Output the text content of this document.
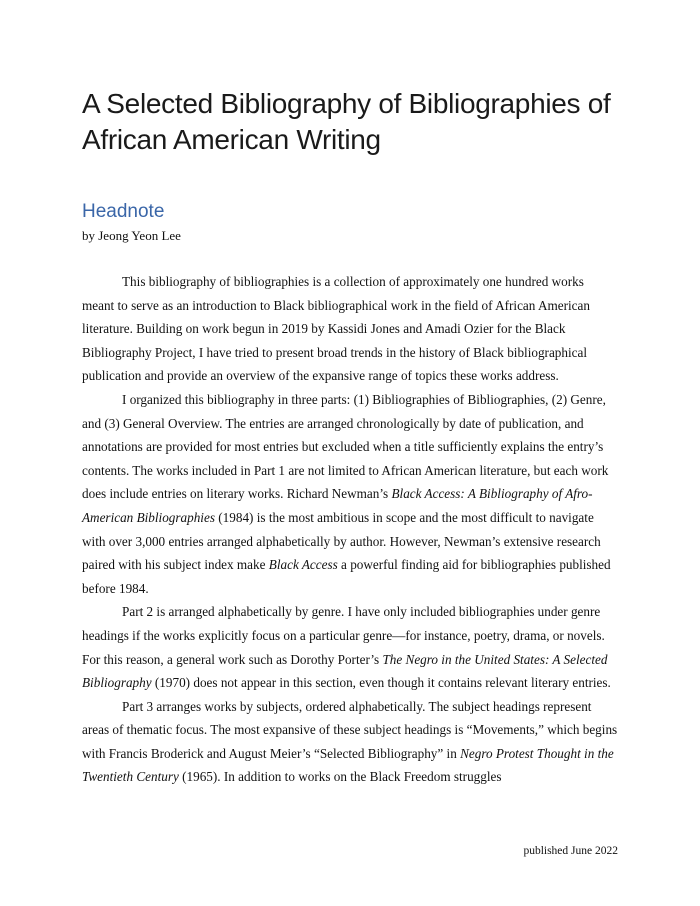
A Selected Bibliography of Bibliographies of African American Writing
Headnote
by Jeong Yeon Lee

This bibliography of bibliographies is a collection of approximately one hundred works meant to serve as an introduction to Black bibliographical work in the field of African American literature. Building on work begun in 2019 by Kassidi Jones and Amadi Ozier for the Black Bibliography Project, I have tried to present broad trends in the history of Black bibliographical publication and provide an overview of the expansive range of topics these works address.

I organized this bibliography in three parts: (1) Bibliographies of Bibliographies, (2) Genre, and (3) General Overview. The entries are arranged chronologically by date of publication, and annotations are provided for most entries but excluded when a title sufficiently explains the entry’s contents. The works included in Part 1 are not limited to African American literature, but each work does include entries on literary works. Richard Newman’s Black Access: A Bibliography of Afro-American Bibliographies (1984) is the most ambitious in scope and the most difficult to navigate with over 3,000 entries arranged alphabetically by author. However, Newman’s extensive research paired with his subject index make Black Access a powerful finding aid for bibliographies published before 1984.

Part 2 is arranged alphabetically by genre. I have only included bibliographies under genre headings if the works explicitly focus on a particular genre—for instance, poetry, drama, or novels. For this reason, a general work such as Dorothy Porter’s The Negro in the United States: A Selected Bibliography (1970) does not appear in this section, even though it contains relevant literary entries.

Part 3 arranges works by subjects, ordered alphabetically. The subject headings represent areas of thematic focus. The most expansive of these subject headings is “Movements,” which begins with Francis Broderick and August Meier’s “Selected Bibliography” in Negro Protest Thought in the Twentieth Century (1965). In addition to works on the Black Freedom struggles

published June 2022
